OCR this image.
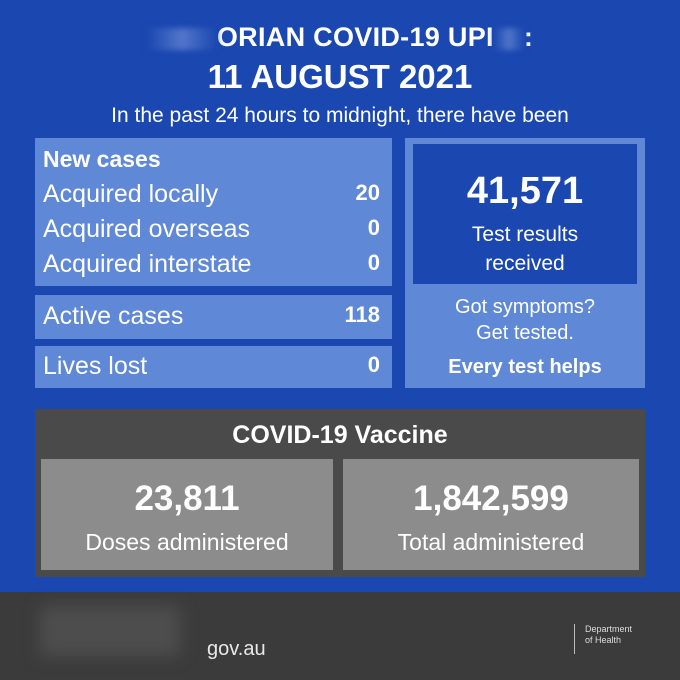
ORIAN COVID-19 UPI :
11 AUGUST 2021
In the past 24 hours to midnight, there have been
New cases
Acquired locally	20
Acquired overseas	0
Acquired interstate	0
Active cases	118
Lives lost	0
41,571
Test results
received
Got symptoms?
Get tested.
Every test helps
COVID-19 Vaccine
23,811
Doses administered
1,842,599
Total administered
gov.au
Department
of Health
